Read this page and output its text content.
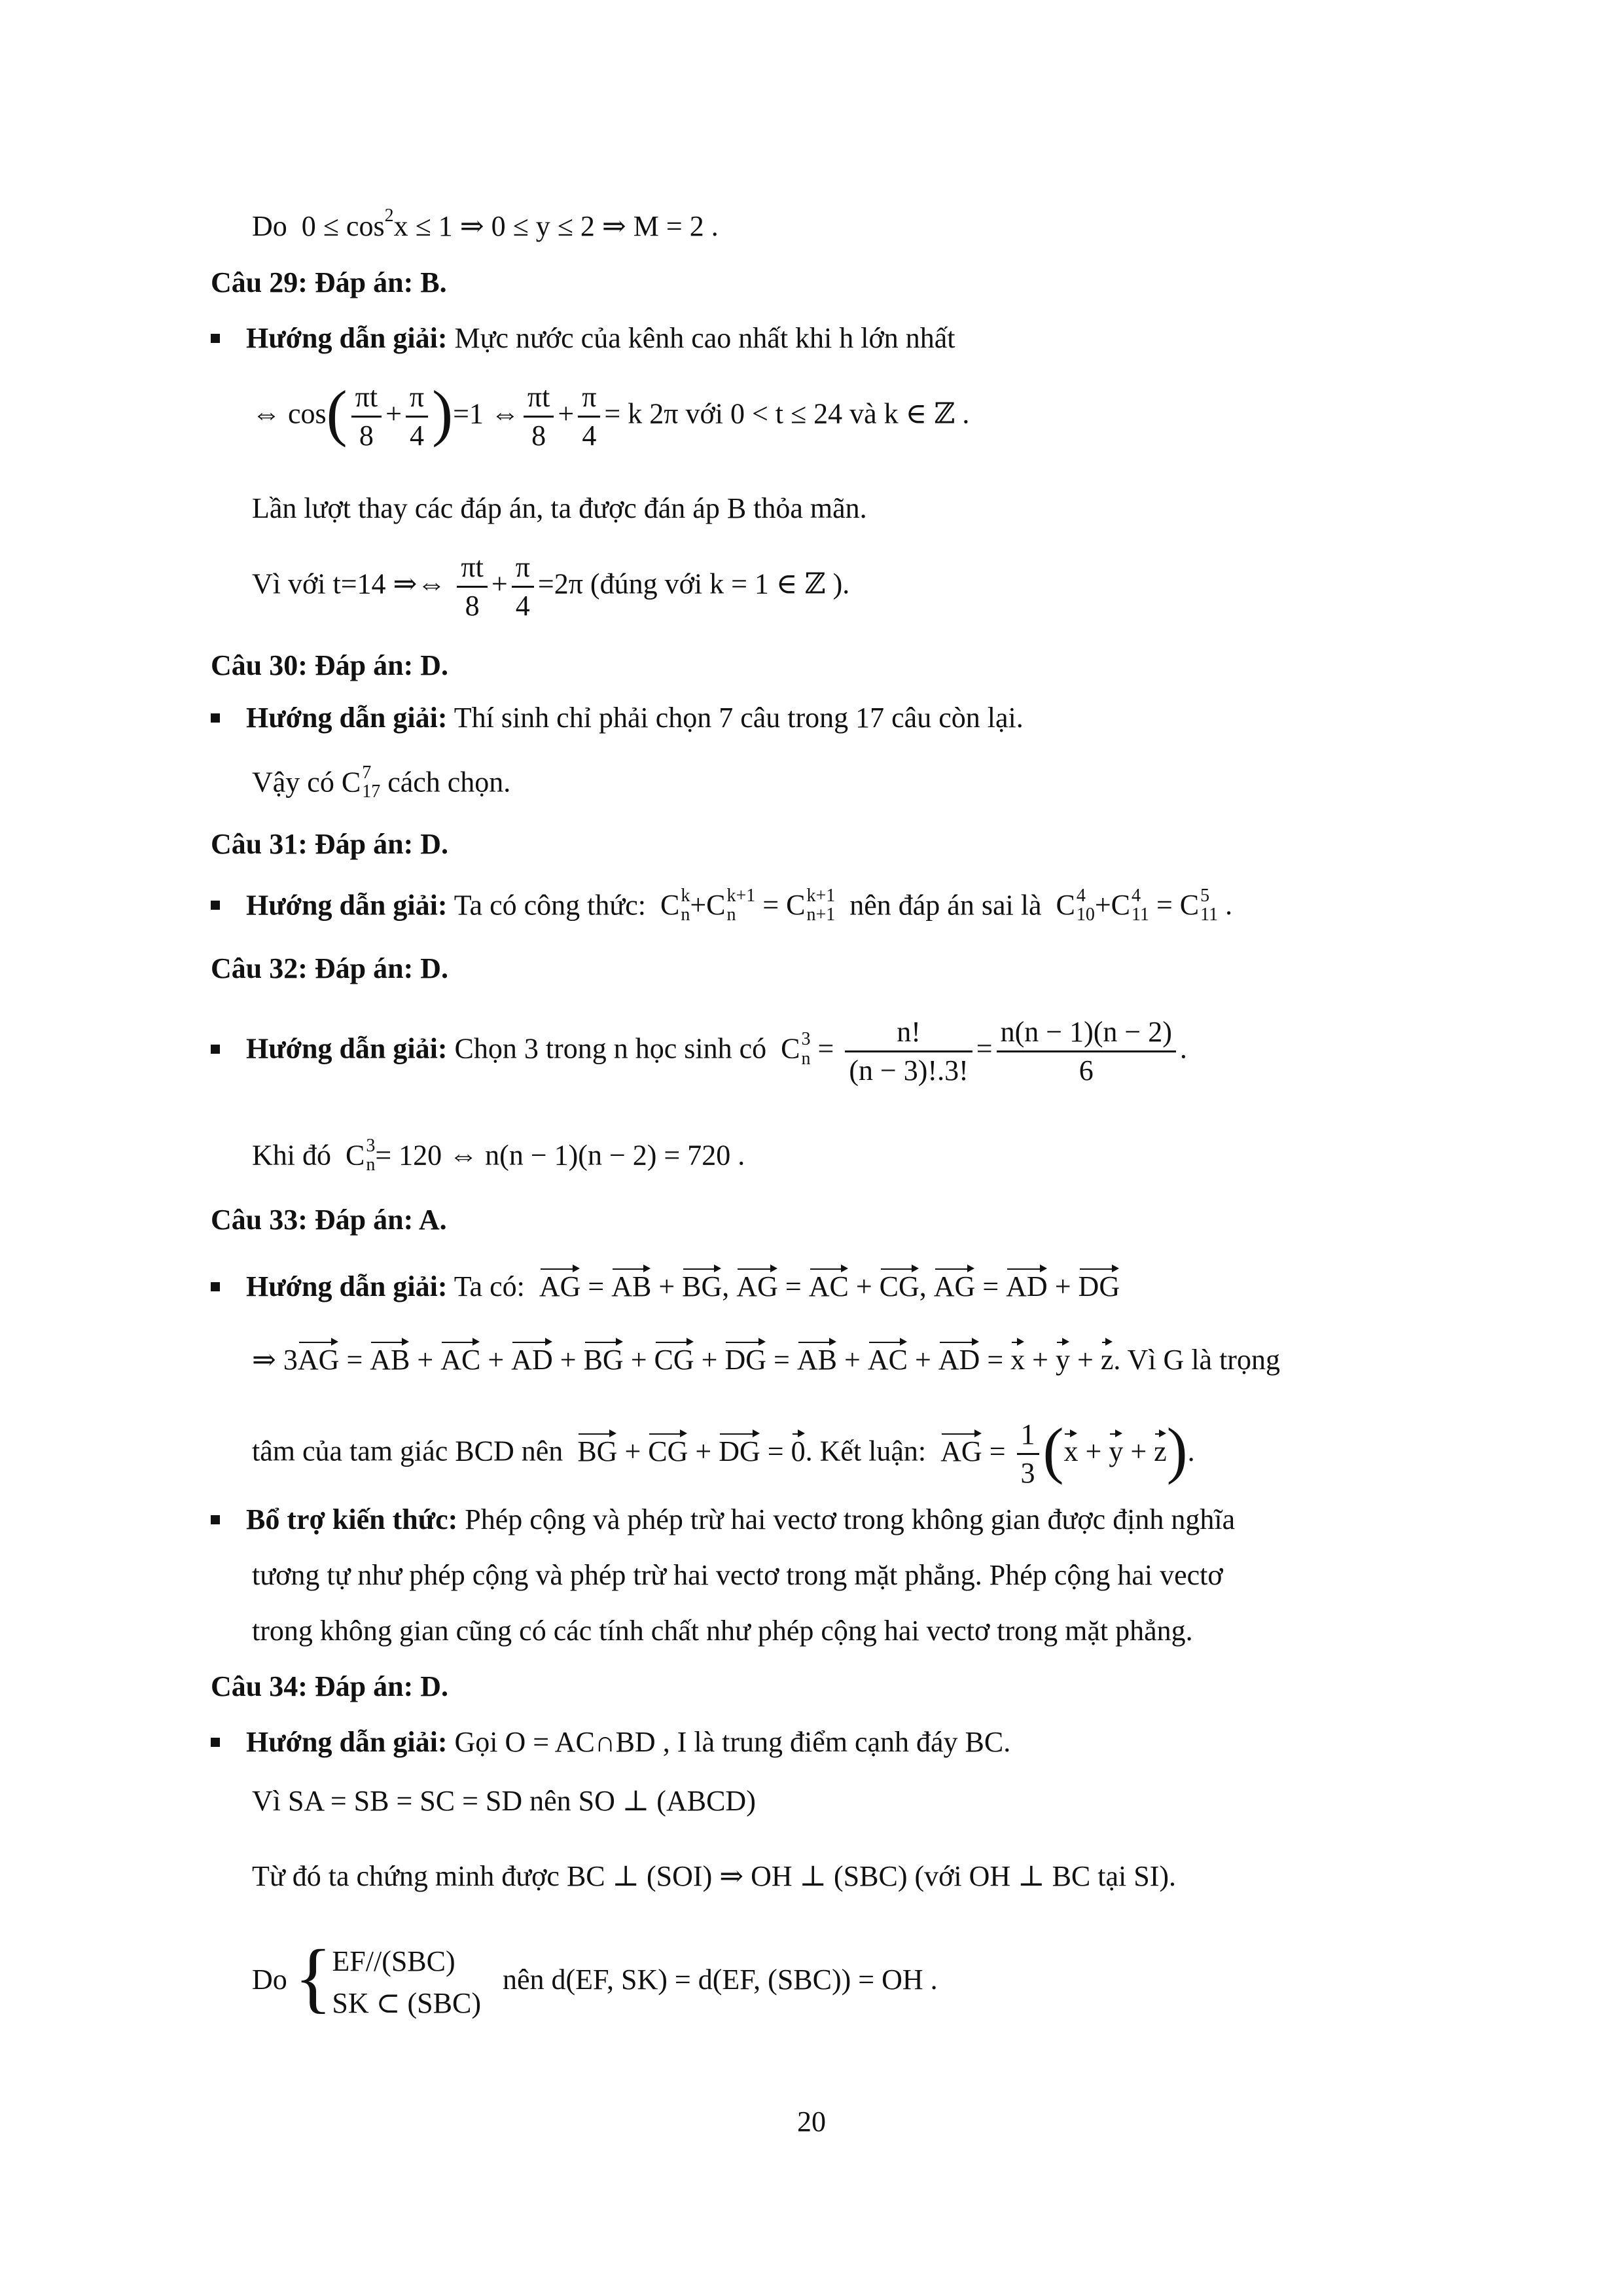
Do $0 \le \cos^2x \le 1$ ⇒ 0 ≤ y ≤ 2 ⇒ M = 2 .
Câu 29: Đáp án: B.
Hướng dẫn giải: Mực nước của kênh cao nhất khi h lớn nhất
⇔ $\cos( \frac{\pi t}{8} + \frac{\pi}{4} )=1$ ⇔ $\frac{\pi t}{8} + \frac{\pi}{4} = k$ 2π với 0 < t ≤ 24 và k ∈ ℤ .
Lần lượt thay các đáp án, ta được đán áp B thỏa mãn.
Vì với t=14 ⇒⇔ $\frac{\pi t}{8} + \frac{\pi}{4} =2\pi$ (đúng với k = 1 ∈ ℤ ).
Câu 30: Đáp án: D.
Hướng dẫn giải: Thí sinh chỉ phải chọn 7 câu trong 17 câu còn lại.
Vậy có C 7
17 cách chọn.
Câu 31: Đáp án: D.
Hướng dẫn giải: Ta có công thức: C k
n +C k+1
n = C k+1
n+1 nên đáp án sai là C 4
10 +C 4
11 = C 5
11 .
Câu 32: Đáp án: D.
Hướng dẫn giải: Chọn 3 trong n học sinh có  C 3
$n = \frac{n!}{(n - 3)!.3!} = \frac{n(n - 1)(n - 2)}{6}$ .
Khi đó  C 3
n = 120 ⇔ n(n − 1)(n − 2) = 720 .
Câu 33: Đáp án: A.
Hướng dẫn giải: Ta có: AG = AB + BG, AG = AC + CG, AG = AD + DG
⇒ 3AG = AB + AC + AD + BG + CG + DG = AB + AC + AD = x + y + z. Vì G là trọng
tâm của tam giác BCD nên BG + CG + DG = 0. Kết luận: AG = $\frac{1}{3} (x + y + z)$.
Bổ trợ kiến thức: Phép cộng và phép trừ hai vectơ trong không gian được định nghĩa
tương tự như phép cộng và phép trừ hai vectơ trong mặt phẳng. Phép cộng hai vectơ
trong không gian cũng có các tính chất như phép cộng hai vectơ trong mặt phẳng.
Câu 34: Đáp án: D.
Hướng dẫn giải: Gọi O = AC∩BD , I là trung điểm cạnh đáy BC.
Vì SA = SB = SC = SD nên SO ⊥ (ABCD)
Từ đó ta chứng minh được BC ⊥ (SOI) ⇒ OH ⊥ (SBC) (với OH ⊥ BC tại SI).
Do { EF//(SBC)
SK ⊂ (SBC)
nên d(EF, SK) = d(EF, (SBC)) = OH .
20
